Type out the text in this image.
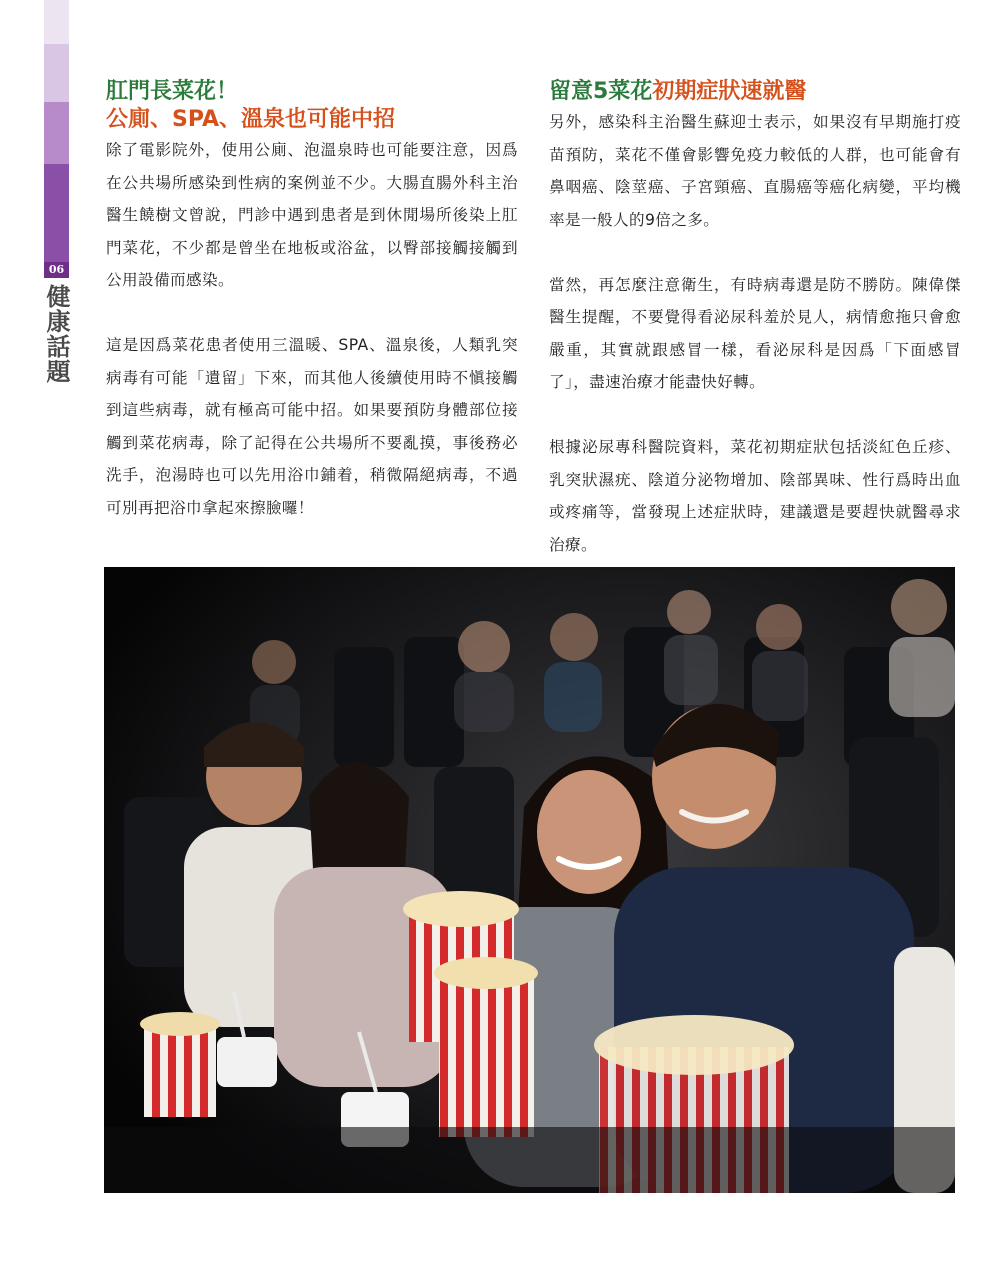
06
健康話題
肛門長菜花！
公廁、SPA、溫泉也可能中招

除了電影院外，使用公廁、泡溫泉時也可能要注意，因爲在公共場所感染到性病的案例並不少。大腸直腸外科主治醫生饒樹文曾說，門診中遇到患者是到休閒場所後染上肛門菜花，不少都是曾坐在地板或浴盆，以臀部接觸接觸到公用設備而感染。

這是因爲菜花患者使用三溫暖、SPA、溫泉後，人類乳突病毒有可能「遺留」下來，而其他人後續使用時不愼接觸到這些病毒，就有極高可能中招。如果要預防身體部位接觸到菜花病毒，除了記得在公共場所不要亂摸，事後務必洗手，泡湯時也可以先用浴巾鋪着，稍微隔絕病毒，不過可別再把浴巾拿起來擦臉囉！

留意5菜花初期症狀速就醫

另外，感染科主治醫生蘇迎士表示，如果沒有早期施打疫苗預防，菜花不僅會影響免疫力較低的人群，也可能會有鼻咽癌、陰莖癌、子宮頸癌、直腸癌等癌化病變，平均機率是一般人的9倍之多。

當然，再怎麼注意衛生，有時病毒還是防不勝防。陳偉傑醫生提醒，不要覺得看泌尿科羞於見人，病情愈拖只會愈嚴重，其實就跟感冒一樣，看泌尿科是因爲「下面感冒了」，盡速治療才能盡快好轉。

根據泌尿專科醫院資料，菜花初期症狀包括淡紅色丘疹、乳突狀濕疣、陰道分泌物增加、陰部異味、性行爲時出血或疼痛等，當發現上述症狀時，建議還是要趕快就醫尋求治療。
